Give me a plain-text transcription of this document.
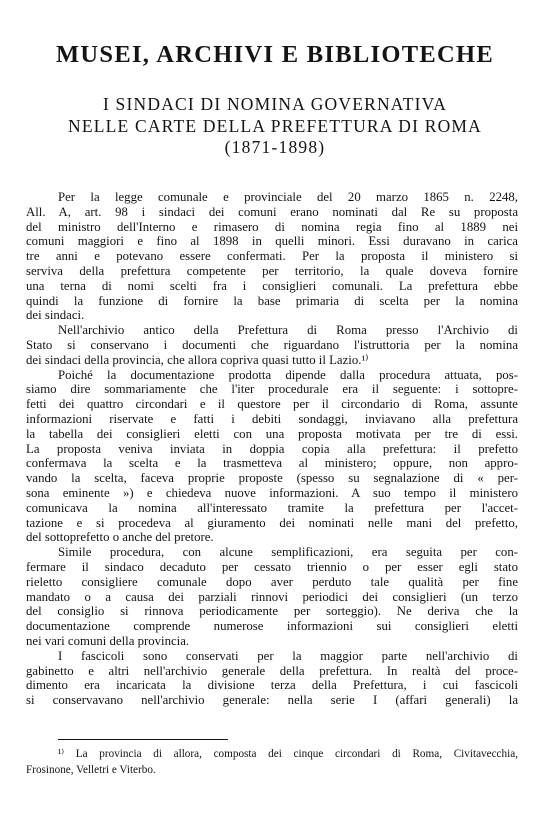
MUSEI, ARCHIVI E BIBLIOTECHE
I SINDACI DI NOMINA GOVERNATIVA
NELLE CARTE DELLA PREFETTURA DI ROMA
(1871-1898)
Per la legge comunale e provinciale del 20 marzo 1865 n. 2248,
All. A, art. 98 i sindaci dei comuni erano nominati dal Re su proposta
del ministro dell'Interno e rimasero di nomina regia fino al 1889 nei
comuni maggiori e fino al 1898 in quelli minori. Essi duravano in carica
tre anni e potevano essere confermati. Per la proposta il ministero si
serviva della prefettura competente per territorio, la quale doveva fornire
una terna di nomi scelti fra i consiglieri comunali. La prefettura ebbe
quindi la funzione di fornire la base primaria di scelta per la nomina
dei sindaci.
Nell'archivio antico della Prefettura di Roma presso l'Archivio di
Stato si conservano i documenti che riguardano l'istruttoria per la nomina
dei sindaci della provincia, che allora copriva quasi tutto il Lazio.¹⁾
Poiché la documentazione prodotta dipende dalla procedura attuata, pos-
siamo dire sommariamente che l'iter procedurale era il seguente: i sottopre-
fetti dei quattro circondari e il questore per il circondario di Roma, assunte
informazioni riservate e fatti i debiti sondaggi, inviavano alla prefettura
la tabella dei consiglieri eletti con una proposta motivata per tre di essi.
La proposta veniva inviata in doppia copia alla prefettura: il prefetto
confermava la scelta e la trasmetteva al ministero; oppure, non appro-
vando la scelta, faceva proprie proposte (spesso su segnalazione di « per-
sona eminente ») e chiedeva nuove informazioni. A suo tempo il ministero
comunicava la nomina all'interessato tramite la prefettura per l'accet-
tazione e si procedeva al giuramento dei nominati nelle mani del prefetto,
del sottoprefetto o anche del pretore.
Simile procedura, con alcune semplificazioni, era seguita per con-
fermare il sindaco decaduto per cessato triennio o per esser egli stato
rieletto consigliere comunale dopo aver perduto tale qualità per fine
mandato o a causa dei parziali rinnovi periodici dei consiglieri (un terzo
del consiglio si rinnova periodicamente per sorteggio). Ne deriva che la
documentazione comprende numerose informazioni sui consiglieri eletti
nei vari comuni della provincia.
I fascicoli sono conservati per la maggior parte nell'archivio di
gabinetto e altri nell'archivio generale della prefettura. In realtà del proce-
dimento era incaricata la divisione terza della Prefettura, i cui fascicoli
si conservavano nell'archivio generale: nella serie I (affari generali) la
¹⁾ La provincia di allora, composta dei cinque circondari di Roma, Civitavecchia,
Frosinone, Velletri e Viterbo.
